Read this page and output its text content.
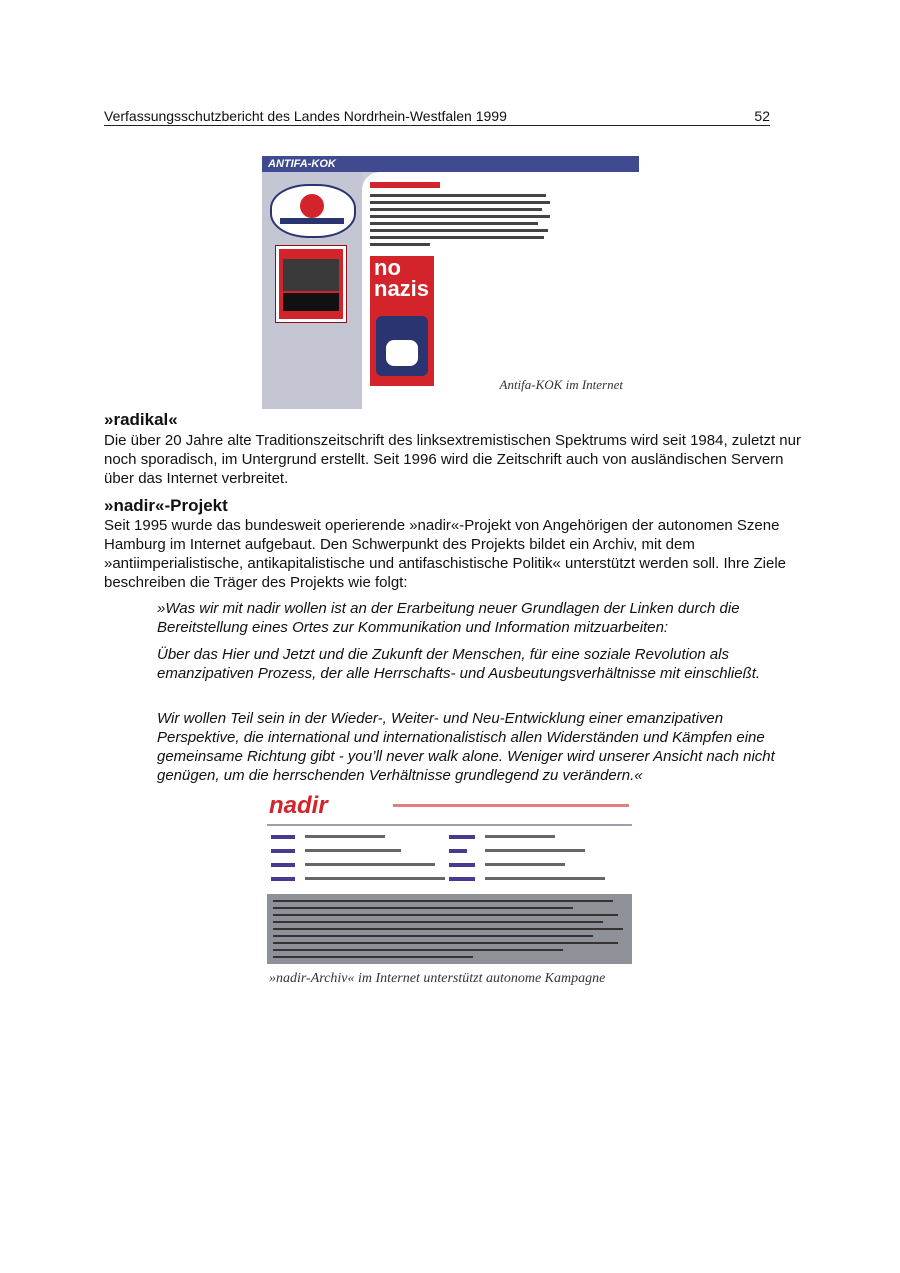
Verfassungsschutzbericht des Landes Nordrhein-Westfalen 1999	52
ANTIFA-KOK
no
nazis
Antifa-KOK im Internet
»radikal«
Die über 20 Jahre alte Traditionszeitschrift des linksextremistischen Spektrums wird seit 1984, zuletzt nur noch sporadisch, im Untergrund erstellt. Seit 1996 wird die Zeitschrift auch von ausländischen Servern über das Internet verbreitet.
»nadir«-Projekt
Seit 1995 wurde das bundesweit operierende »nadir«-Projekt von Angehörigen der autonomen Szene Hamburg im Internet aufgebaut. Den Schwerpunkt des Projekts bildet ein Archiv, mit dem »antiimperialistische, antikapitalistische und antifaschistische Politik« unterstützt werden soll. Ihre Ziele beschreiben die Träger des Projekts wie folgt:
»Was wir mit nadir wollen ist an der Erarbeitung neuer Grundlagen der Linken durch die Bereitstellung eines Ortes zur Kommunikation und Information mitzuarbeiten:
Über das Hier und Jetzt und die Zukunft der Menschen, für eine soziale Revolution als emanzipativen Prozess, der alle Herrschafts- und Ausbeutungsverhältnisse mit einschließt.
Wir wollen Teil sein in der Wieder-, Weiter- und Neu-Entwicklung einer emanzipativen Perspektive, die international und internationalistisch allen Widerständen und Kämpfen eine gemeinsame Richtung gibt - you’ll never walk alone. Weniger wird unserer Ansicht nach nicht genügen, um die herrschenden Verhältnisse grundlegend zu verändern.«
nadir
»nadir-Archiv« im Internet unterstützt autonome Kampagne
